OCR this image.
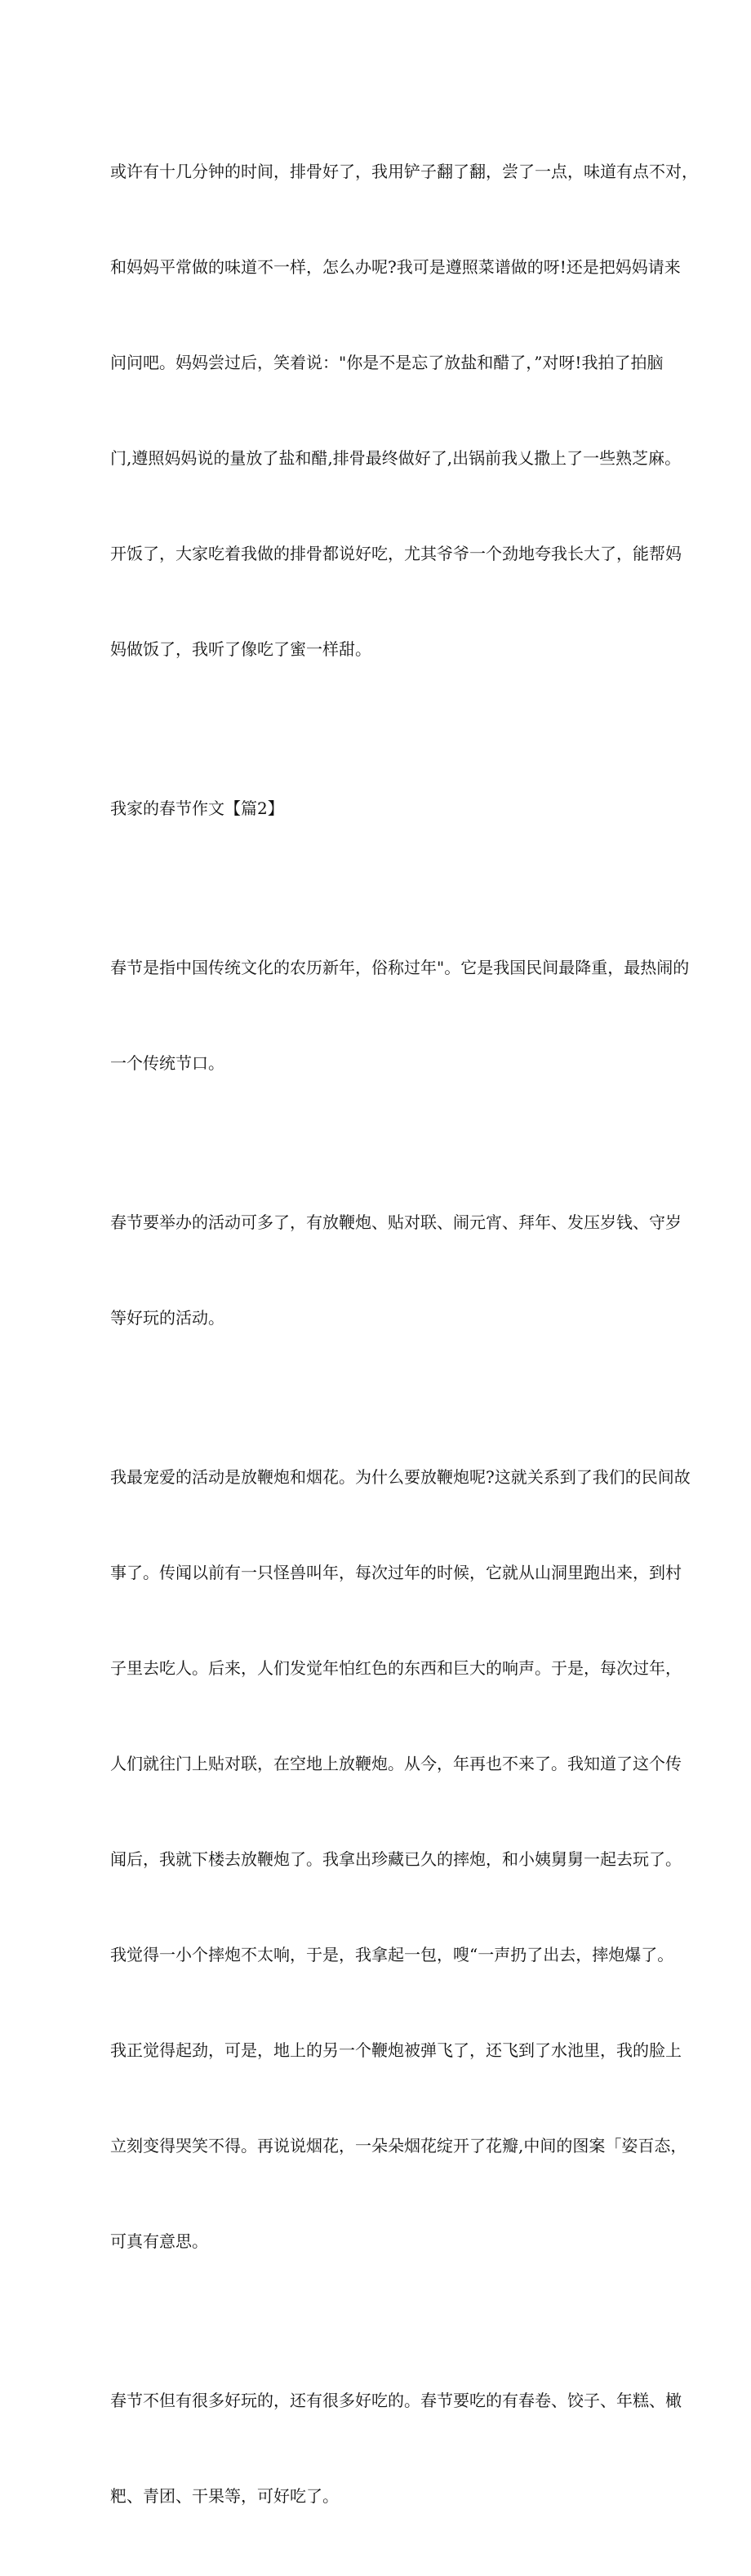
或许有十几分钟的时间，排骨好了，我用铲子翻了翻，尝了一点，味道有点不对，

和妈妈平常做的味道不一样，怎么办呢?我可是遵照菜谱做的呀!还是把妈妈请来

问问吧。妈妈尝过后，笑着说："你是不是忘了放盐和醋了，”对呀!我拍了拍脑

门,遵照妈妈说的量放了盐和醋,排骨最终做好了,出锅前我乂撒上了一些熟芝麻。

开饭了，大家吃着我做的排骨都说好吃，尤其爷爷一个劲地夸我长大了，能帮妈

妈做饭了，我听了像吃了蜜一样甜。

我家的春节作文【篇2】

春节是指中国传统文化的农历新年，俗称过年"。它是我国民间最降重，最热闹的

一个传统节口。

春节要举办的活动可多了，有放鞭炮、贴对联、闹元宵、拜年、发压岁钱、守岁

等好玩的活动。

我最宠爱的活动是放鞭炮和烟花。为什么要放鞭炮呢?这就关系到了我们的民间故

事了。传闻以前有一只怪兽叫年，每次过年的时候，它就从山洞里跑出来，到村

子里去吃人。后来，人们发觉年怕红色的东西和巨大的响声。于是，每次过年，

人们就往门上贴对联，在空地上放鞭炮。从今，年再也不来了。我知道了这个传

闻后，我就下楼去放鞭炮了。我拿出珍藏已久的摔炮，和小姨舅舅一起去玩了。

我觉得一小个摔炮不太响，于是，我拿起一包，嗖“一声扔了出去，摔炮爆了。

我正觉得起劲，可是，地上的另一个鞭炮被弹飞了，还飞到了水池里，我的脸上

立刻变得哭笑不得。再说说烟花，一朵朵烟花绽开了花瓣,中间的图案「姿百态，

可真有意思。

春节不但有很多好玩的，还有很多好吃的。春节要吃的有春卷、饺子、年糕、橄

粑、青团、干果等，可好吃了。
